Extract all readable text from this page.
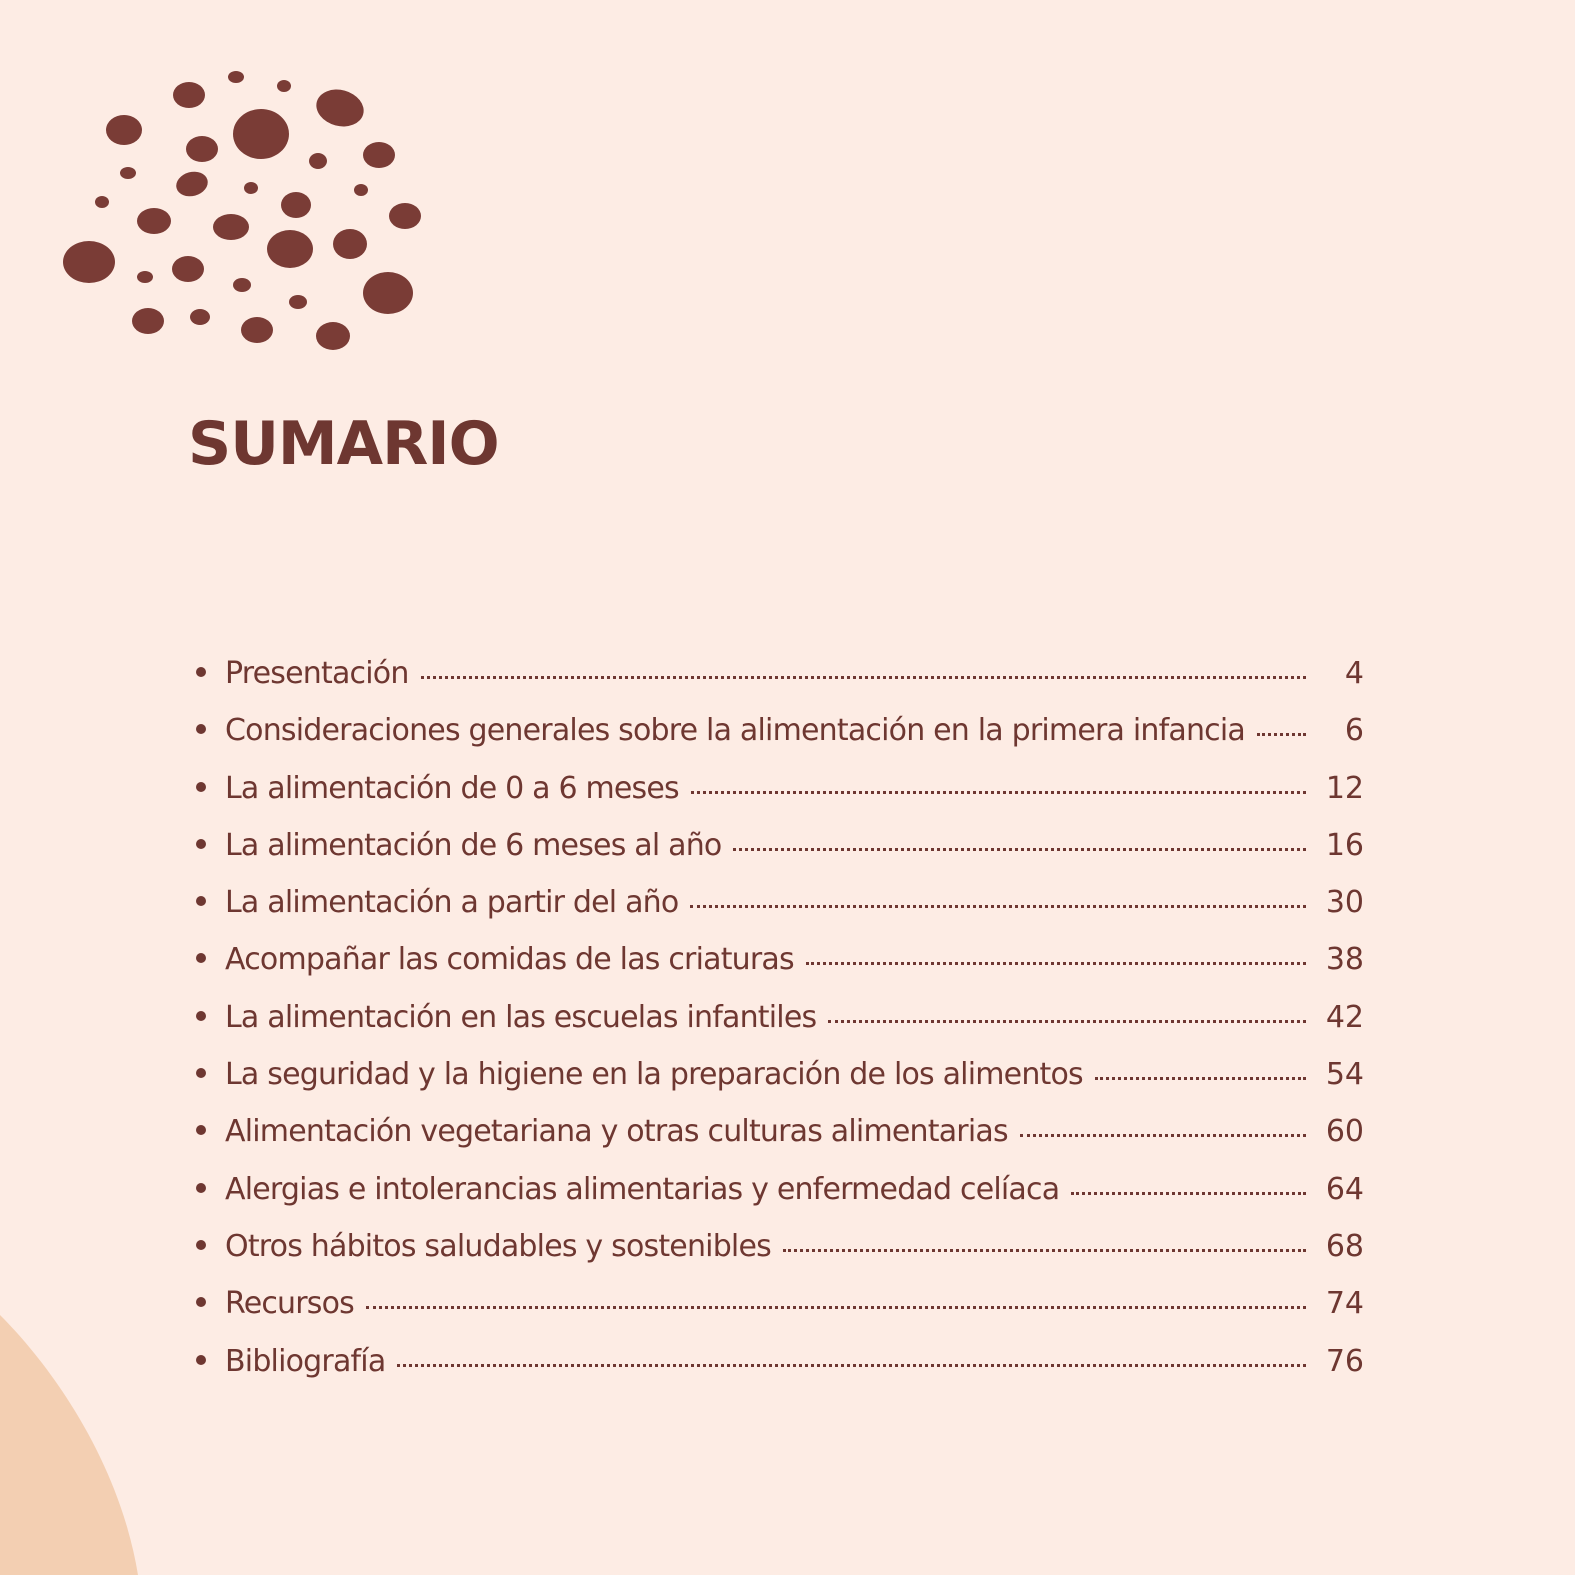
SUMARIO
Presentación	4
Consideraciones generales sobre la alimentación en la primera infancia	6
La alimentación de 0 a 6 meses	12
La alimentación de 6 meses al año	16
La alimentación a partir del año	30
Acompañar las comidas de las criaturas	38
La alimentación en las escuelas infantiles	42
La seguridad y la higiene en la preparación de los alimentos	54
Alimentación vegetariana y otras culturas alimentarias	60
Alergias e intolerancias alimentarias y enfermedad celíaca	64
Otros hábitos saludables y sostenibles	68
Recursos	74
Bibliografía	76
